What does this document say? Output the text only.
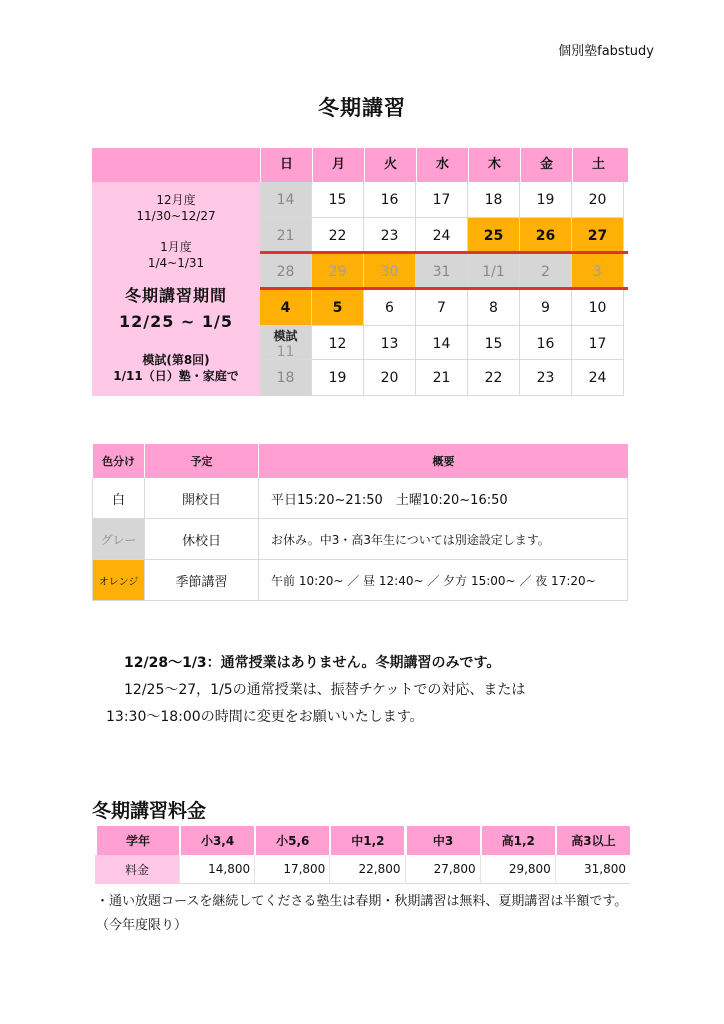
個別塾fabstudy
冬期講習
日	月	火	水	木	金	土
12月度
11/30~12/27
1月度
1/4~1/31
冬期講習期間
12/25 ~ 1/5
模試(第8回)
1/11（日）塾・家庭で
14	15	16	17	18	19	20
21	22	23	24	25	26	27
28	29	30	31	1/1	2	3
4	5	6	7	8	9	10
模試
11	12	13	14	15	16	17
18	19	20	21	22	23	24
色分け	予定	概要
白	開校日	平日15:20~21:50　土曜10:20~16:50
グレー	休校日	お休み。中3・高3年生については別途設定します。
オレンジ	季節講習	午前 10:20~ ／ 昼 12:40~ ／ 夕方 15:00~ ／ 夜 17:20~
12/28〜1/3：通常授業はありません。冬期講習のみです。
12/25〜27，1/5の通常授業は、振替チケットでの対応、または
13:30〜18:00の時間に変更をお願いいたします。
冬期講習料金
学年	小3,4	小5,6	中1,2	中3	高1,2	高3以上
料金	14,800	17,800	22,800	27,800	29,800	31,800
・通い放題コースを継続してくださる塾生は春期・秋期講習は無料、夏期講習は半額です。（今年度限り）
